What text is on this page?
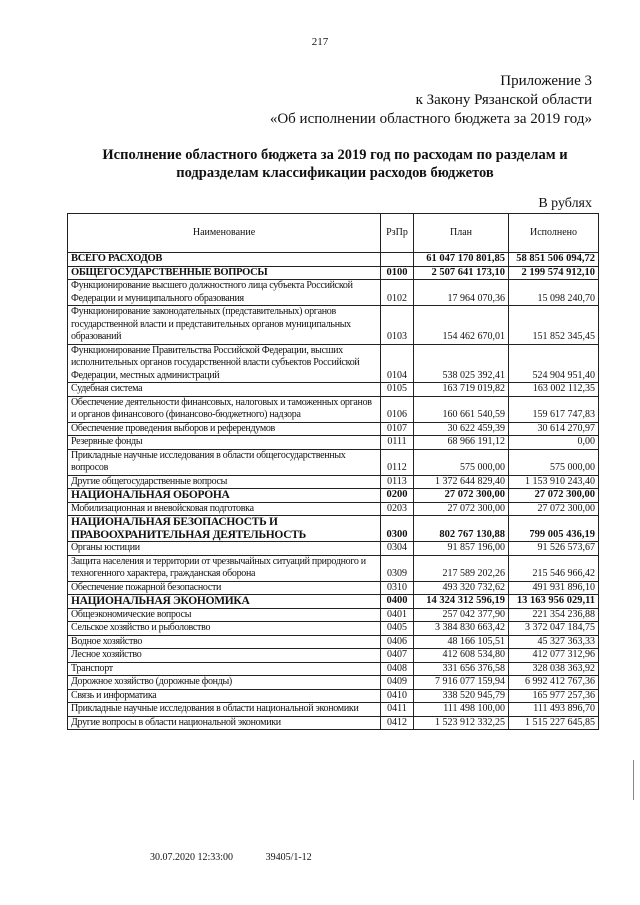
217
Приложение 3
к Закону Рязанской области
«Об исполнении областного бюджета за 2019 год»
Исполнение областного бюджета за 2019 год по расходам по разделам и
подразделам классификации расходов бюджетов
В рублях
Наименование	РзПр	План	Исполнено
ВСЕГО РАСХОДОВ		61 047 170 801,85	58 851 506 094,72
ОБЩЕГОСУДАРСТВЕННЫЕ ВОПРОСЫ	0100	2 507 641 173,10	2 199 574 912,10
Функционирование высшего должностного лица субъекта Российской Федерации и муниципального образования	0102	17 964 070,36	15 098 240,70
Функционирование законодательных (представительных) органов государственной власти и представительных органов муниципальных образований	0103	154 462 670,01	151 852 345,45
Функционирование Правительства Российской Федерации, высших исполнительных органов государственной власти субъектов Российской Федерации, местных администраций	0104	538 025 392,41	524 904 951,40
Судебная система	0105	163 719 019,82	163 002 112,35
Обеспечение деятельности финансовых, налоговых и таможенных органов и органов финансового (финансово-бюджетного) надзора	0106	160 661 540,59	159 617 747,83
Обеспечение проведения выборов и референдумов	0107	30 622 459,39	30 614 270,97
Резервные фонды	0111	68 966 191,12	0,00
Прикладные научные исследования в области общегосударственных вопросов	0112	575 000,00	575 000,00
Другие общегосударственные вопросы	0113	1 372 644 829,40	1 153 910 243,40
НАЦИОНАЛЬНАЯ ОБОРОНА	0200	27 072 300,00	27 072 300,00
Мобилизационная и вневойсковая подготовка	0203	27 072 300,00	27 072 300,00
НАЦИОНАЛЬНАЯ БЕЗОПАСНОСТЬ И ПРАВООХРАНИТЕЛЬНАЯ ДЕЯТЕЛЬНОСТЬ	0300	802 767 130,88	799 005 436,19
Органы юстиции	0304	91 857 196,00	91 526 573,67
Защита населения и территории от чрезвычайных ситуаций природного и техногенного характера, гражданская оборона	0309	217 589 202,26	215 546 966,42
Обеспечение пожарной безопасности	0310	493 320 732,62	491 931 896,10
НАЦИОНАЛЬНАЯ ЭКОНОМИКА	0400	14 324 312 596,19	13 163 956 029,11
Общеэкономические вопросы	0401	257 042 377,90	221 354 236,88
Сельское хозяйство и рыболовство	0405	3 384 830 663,42	3 372 047 184,75
Водное хозяйство	0406	48 166 105,51	45 327 363,33
Лесное хозяйство	0407	412 608 534,80	412 077 312,96
Транспорт	0408	331 656 376,58	328 038 363,92
Дорожное хозяйство (дорожные фонды)	0409	7 916 077 159,94	6 992 412 767,36
Связь и информатика	0410	338 520 945,79	165 977 257,36
Прикладные научные исследования в области национальной экономики	0411	111 498 100,00	111 493 896,70
Другие вопросы в области национальной экономики	0412	1 523 912 332,25	1 515 227 645,85
30.07.2020 12:33:00	39405/1-12
